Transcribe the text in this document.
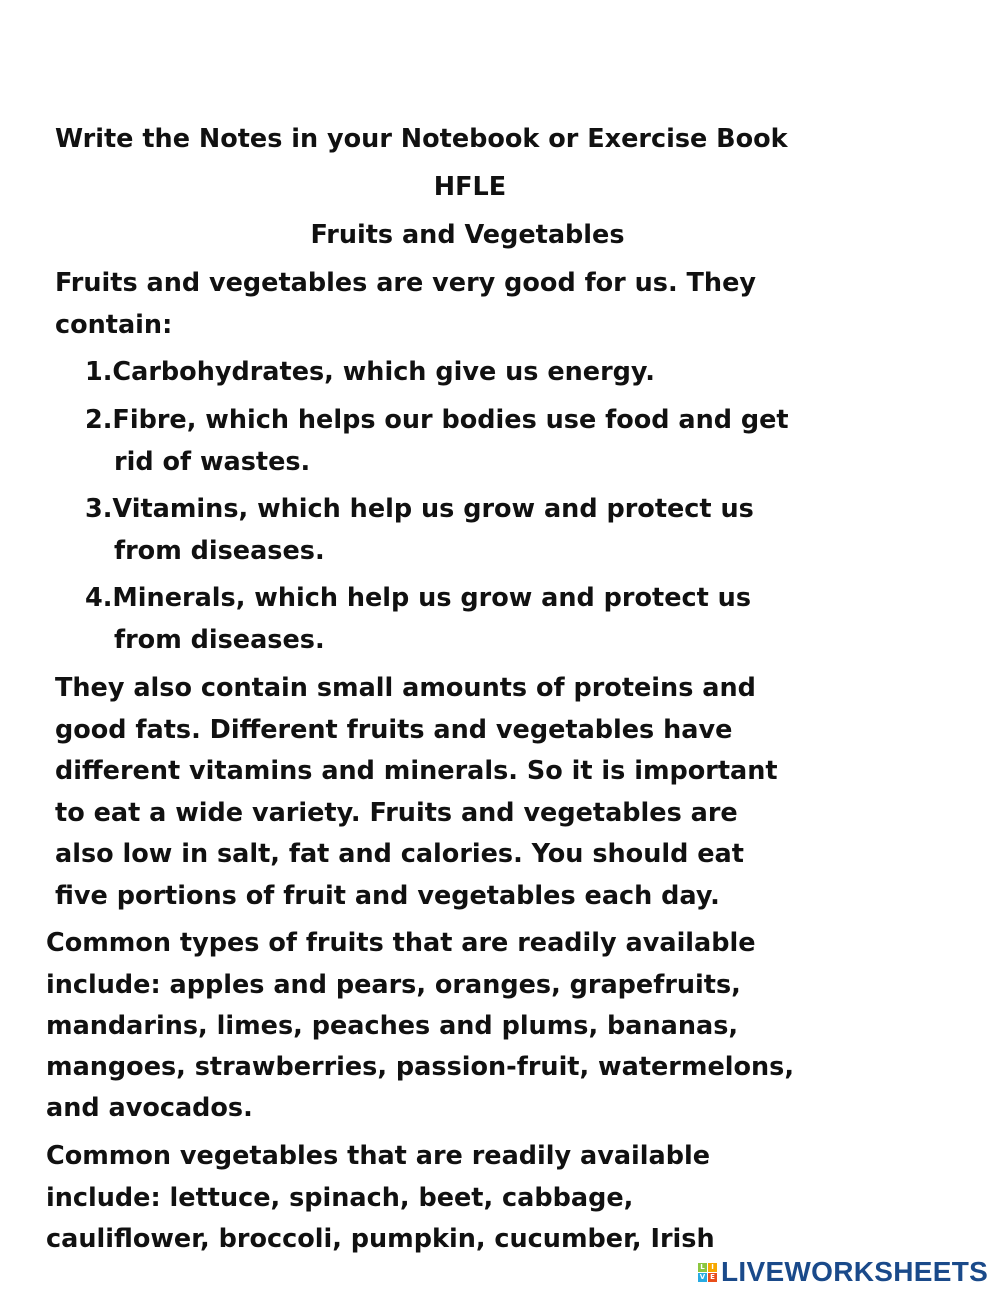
Write the Notes in your Notebook or Exercise Book
HFLE
Fruits and Vegetables
Fruits and vegetables are very good for us. They
contain:
1.Carbohydrates, which give us energy.
2.Fibre, which helps our bodies use food and get
rid of wastes.
3.Vitamins, which help us grow and protect us
from diseases.
4.Minerals, which help us grow and protect us
from diseases.
They also contain small amounts of proteins and
good fats. Different fruits and vegetables have
different vitamins and minerals. So it is important
to eat a wide variety. Fruits and vegetables are
also low in salt, fat and calories. You should eat
five portions of fruit and vegetables each day.
Common types of fruits that are readily available
include: apples and pears, oranges, grapefruits,
mandarins, limes, peaches and plums, bananas,
mangoes, strawberries, passion-fruit, watermelons,
and avocados.
Common vegetables that are readily available
include: lettuce, spinach, beet, cabbage,
cauliflower, broccoli, pumpkin, cucumber, Irish
L I
V E LIVEWORKSHEETS
